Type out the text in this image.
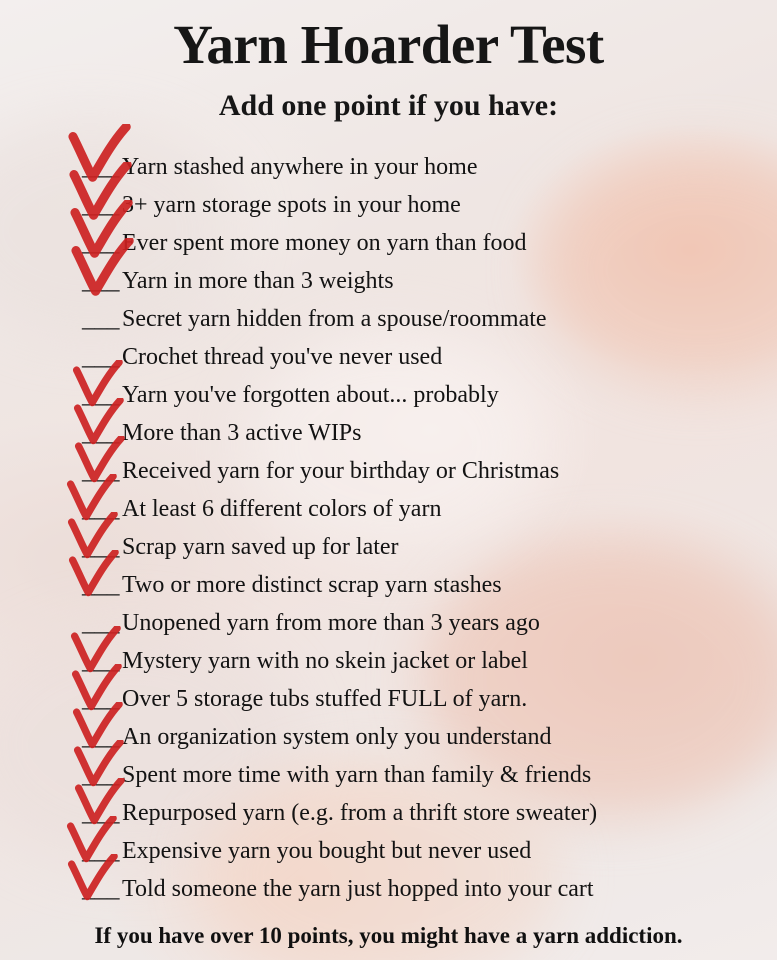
Yarn Hoarder Test
Add one point if you have:
___ Yarn stashed anywhere in your home
___ 3+ yarn storage spots in your home
___ Ever spent more money on yarn than food
___ Yarn in more than 3 weights
___ Secret yarn hidden from a spouse/roommate
___ Crochet thread you've never used
___ Yarn you've forgotten about... probably
___ More than 3 active WIPs
___ Received yarn for your birthday or Christmas
___ At least 6 different colors of yarn
___ Scrap yarn saved up for later
___ Two or more distinct scrap yarn stashes
___ Unopened yarn from more than 3 years ago
___ Mystery yarn with no skein jacket or label
___ Over 5 storage tubs stuffed FULL of yarn.
___ An organization system only you understand
___ Spent more time with yarn than family & friends
___ Repurposed yarn (e.g. from a thrift store sweater)
___ Expensive yarn you bought but never used
___ Told someone the yarn just hopped into your cart
If you have over 10 points, you might have a yarn addiction.
